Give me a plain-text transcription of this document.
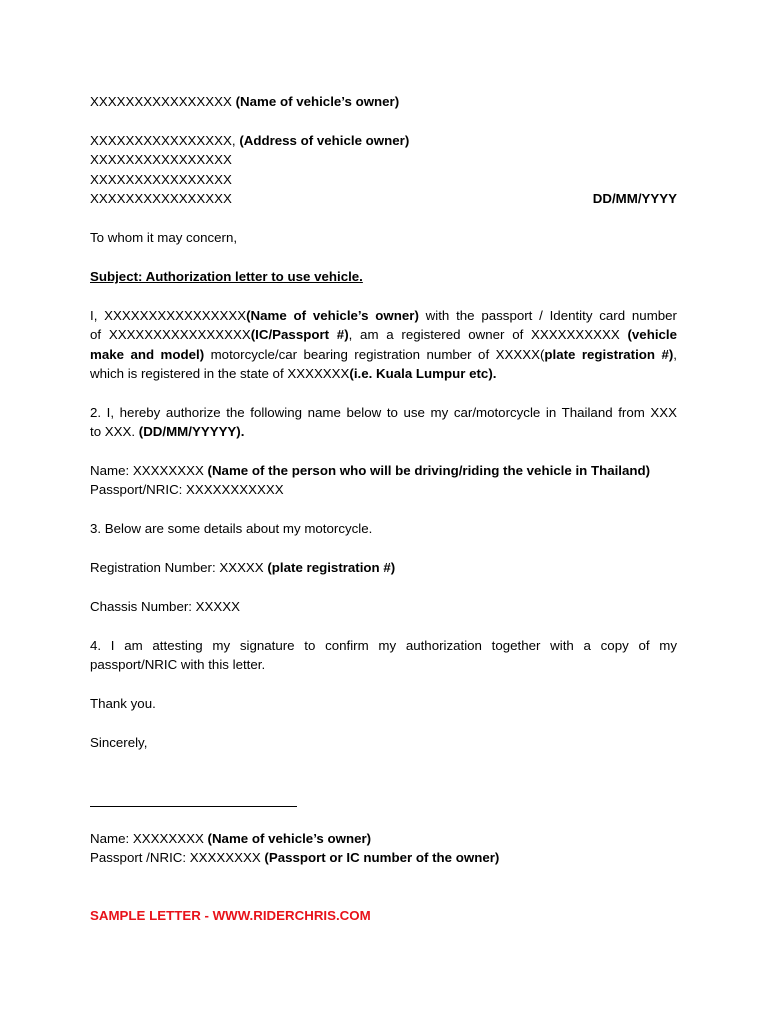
XXXXXXXXXXXXXXXX (Name of vehicle’s owner)
XXXXXXXXXXXXXXXX, (Address of vehicle owner)
XXXXXXXXXXXXXXXX
XXXXXXXXXXXXXXXX
XXXXXXXXXXXXXXXX	DD/MM/YYYY
To whom it may concern,
Subject: Authorization letter to use vehicle.
I, XXXXXXXXXXXXXXXX(Name of vehicle’s owner) with the passport / Identity card number
of XXXXXXXXXXXXXXXX(IC/Passport #), am a registered owner of XXXXXXXXXX (vehicle
make and model) motorcycle/car bearing registration number of XXXXX(plate registration #),
which is registered in the state of XXXXXXX(i.e. Kuala Lumpur etc).
2. I, hereby authorize the following name below to use my car/motorcycle in Thailand from XXX
to XXX. (DD/MM/YYYYY).
Name: XXXXXXXX (Name of the person who will be driving/riding the vehicle in Thailand)
Passport/NRIC: XXXXXXXXXXX
3. Below are some details about my motorcycle.
Registration Number: XXXXX (plate registration #)
Chassis Number: XXXXX
4. I am attesting my signature to confirm my authorization together with a copy of my
passport/NRIC with this letter.
Thank you.
Sincerely,
Name: XXXXXXXX (Name of vehicle’s owner)
Passport /NRIC: XXXXXXXX (Passport or IC number of the owner)
SAMPLE LETTER - WWW.RIDERCHRIS.COM
